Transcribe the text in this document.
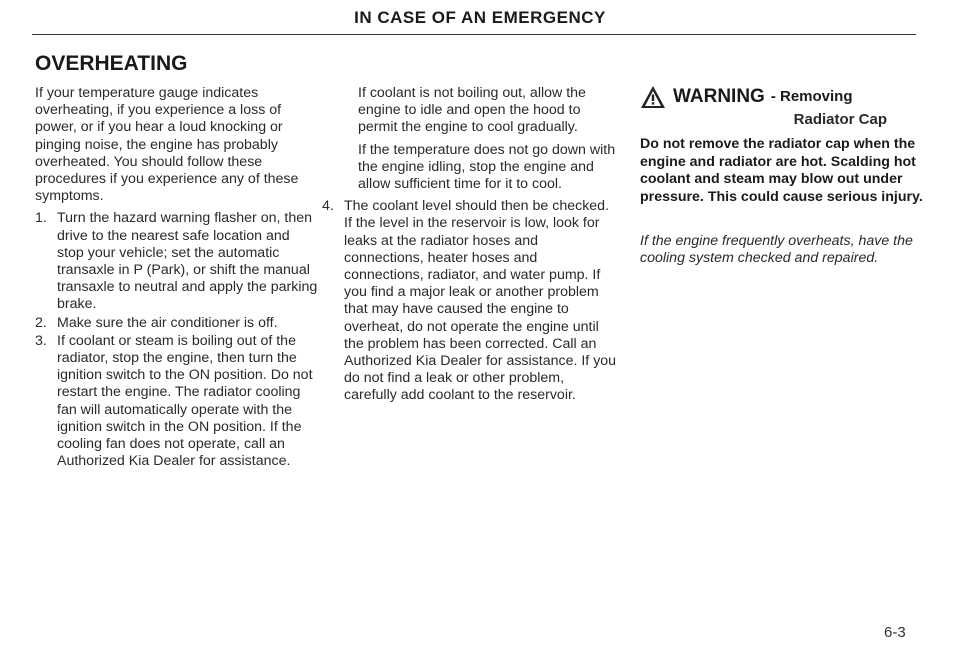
IN CASE OF AN EMERGENCY
OVERHEATING

If your temperature gauge indicates overheating, if you experience a loss of power, or if you hear a loud knocking or pinging noise, the engine has probably overheated. You should follow these procedures if you experience any of these symptoms.

1. Turn the hazard warning flasher on, then drive to the nearest safe location and stop your vehicle; set the automatic transaxle in P (Park), or shift the manual transaxle to neutral and apply the parking brake.
2. Make sure the air conditioner is off.
3. If coolant or steam is boiling out of the radiator, stop the engine, then turn the ignition switch to the ON position. Do not restart the engine. The radiator cooling fan will automatically operate with the ignition switch in the ON position. If the cooling fan does not operate, call an Authorized Kia Dealer for assistance.

If coolant is not boiling out, allow the engine to idle and open the hood to permit the engine to cool gradually.

If the temperature does not go down with the engine idling, stop the engine and allow sufficient time for it to cool.

4. The coolant level should then be checked. If the level in the reservoir is low, look for leaks at the radiator hoses and connections, heater hoses and connections, radiator, and water pump. If you find a major leak or another problem that may have caused the engine to overheat, do not operate the engine until the problem has been corrected. Call an Authorized Kia Dealer for assistance. If you do not find a leak or other problem, carefully add coolant to the reservoir.
WARNING - Removing
Radiator Cap
Do not remove the radiator cap when the engine and radiator are hot. Scalding hot coolant and steam may blow out under pressure. This could cause serious injury.
If the engine frequently overheats, have the cooling system checked and repaired.
6-3
